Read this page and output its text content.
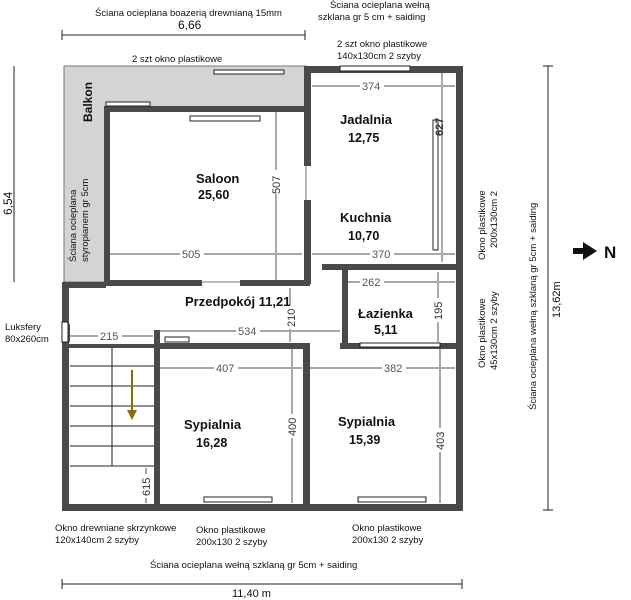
Ściana ocieplana boazerią drewnianą 15mm
Ściana ocieplana wełną
szklana gr 5 cm + saiding
6,66
6,54
2 szt okno plastikowe
2 szt okno plastikowe
140x130cm 2 szyby
Balkon
Ściana ocieplana styropianem gr 5cm
374
627
507
505	370
262
195
215	534
210
407
400
382
403
615
Saloon
25,60
Jadalnia
12,75
Kuchnia
10,70
Przedpokój 11,21
Łazienka
5,11
Sypialnia
16,28
Sypialnia
15,39
Luksfery
80x260cm
Okno plastikowe 200x130cm 2
Okno plastikowe 45x130cm 2 szyby	Ściana ocieplana wełną szklaną gr 5cm + saiding 13,62m
N
Okno drewniane skrzynkowe
120x140cm 2 szyby
Okno plastikowe
200x130 2 szyby
Okno plastikowe
200x130 2 szyby
Ściana ocieplana wełną szklaną gr 5cm + saiding
11,40 m
